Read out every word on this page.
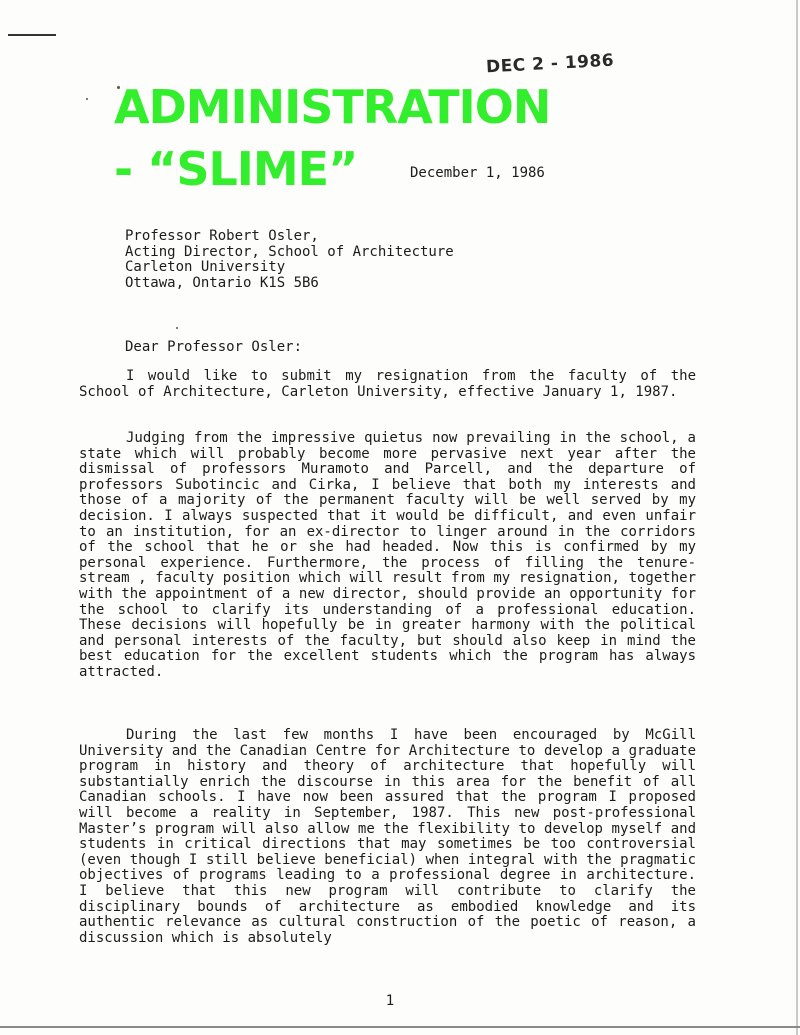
DEC 2 - 1986
ADMINISTRATION
- “SLIME”	December 1, 1986
Professor Robert Osler,
Acting Director, School of Architecture
Carleton University
Ottawa, Ontario K1S 5B6
Dear Professor Osler:
I would like to submit my resignation from the faculty of the School of Architecture, Carleton University, effective January 1, 1987.
Judging from the impressive quietus now prevailing in the school, a state which will probably become more pervasive next year after the dismissal of professors Muramoto and Parcell, and the departure of professors Subotincic and Cirka, I believe that both my interests and those of a majority of the permanent faculty will be well served by my decision. I always suspected that it would be difficult, and even unfair to an institution, for an ex-director to linger around in the corridors of the school that he or she had headed. Now this is confirmed by my personal experience. Furthermore, the process of filling the tenure-stream , faculty position which will result from my resignation, together with the appointment of a new director, should provide an opportunity for the school to clarify its understanding of a professional education. These decisions will hopefully be in greater harmony with the political and personal interests of the faculty, but should also keep in mind the best education for the excellent students which the program has always attracted.
During the last few months I have been encouraged by McGill University and the Canadian Centre for Architecture to develop a graduate program in history and theory of architecture that hopefully will substantially enrich the discourse in this area for the benefit of all Canadian schools. I have now been assured that the program I proposed will become a reality in September, 1987. This new post-professional Master’s program will also allow me the flexibility to develop myself and students in critical directions that may sometimes be too controversial (even though I still believe beneficial) when integral with the pragmatic objectives of programs leading to a professional degree in architecture. I believe that this new program will contribute to clarify the disciplinary bounds of architecture as embodied knowledge and its authentic relevance as cultural construction of the poetic of reason, a discussion which is absolutely
1
